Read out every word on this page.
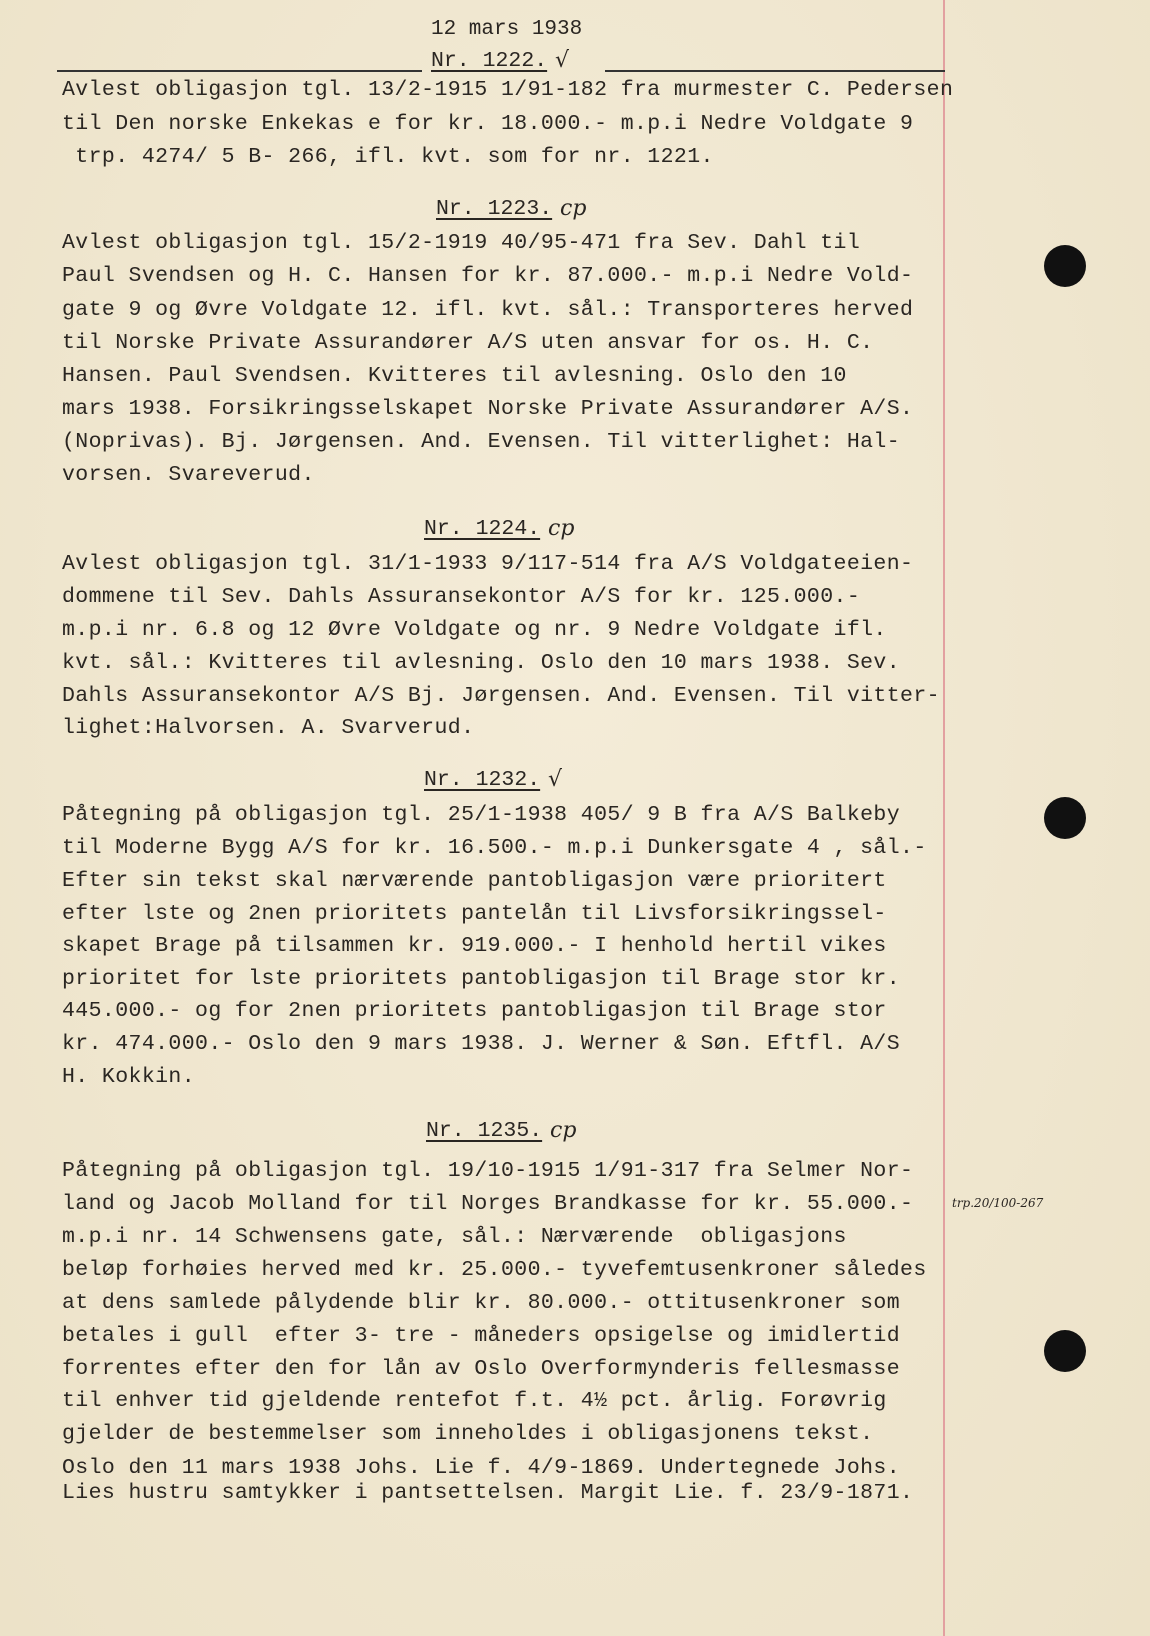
12 mars 1938
Nr. 1222. √
Avlest obligasjon tgl. 13/2-1915 1/91-182 fra murmester C. Pedersen
til Den norske Enkekas e for kr. 18.000.- m.p.i Nedre Voldgate 9
trp. 4274/ 5 B- 266, ifl. kvt. som for nr. 1221.
Nr. 1223. cp
Avlest obligasjon tgl. 15/2-1919 40/95-471 fra Sev. Dahl til
Paul Svendsen og H. C. Hansen for kr. 87.000.- m.p.i Nedre Vold-
gate 9 og Øvre Voldgate 12. ifl. kvt. sål.: Transporteres herved
til Norske Private Assurandører A/S uten ansvar for os. H. C.
Hansen. Paul Svendsen. Kvitteres til avlesning. Oslo den 10
mars 1938. Forsikringsselskapet Norske Private Assurandører A/S.
(Noprivas). Bj. Jørgensen. And. Evensen. Til vitterlighet: Hal-
vorsen. Svareverud.
Nr. 1224. cp
Avlest obligasjon tgl. 31/1-1933 9/117-514 fra A/S Voldgateeien-
dommene til Sev. Dahls Assuransekontor A/S for kr. 125.000.-
m.p.i nr. 6.8 og 12 Øvre Voldgate og nr. 9 Nedre Voldgate ifl.
kvt. sål.: Kvitteres til avlesning. Oslo den 10 mars 1938. Sev.
Dahls Assuransekontor A/S Bj. Jørgensen. And. Evensen. Til vitter-
lighet:Halvorsen. A. Svarverud.
Nr. 1232. √
Påtegning på obligasjon tgl. 25/1-1938 405/ 9 B fra A/S Balkeby
til Moderne Bygg A/S for kr. 16.500.- m.p.i Dunkersgate 4 , sål.-
Efter sin tekst skal nærværende pantobligasjon være prioritert
efter lste og 2nen prioritets pantelån til Livsforsikringssel-
skapet Brage på tilsammen kr. 919.000.- I henhold hertil vikes
prioritet for lste prioritets pantobligasjon til Brage stor kr.
445.000.- og for 2nen prioritets pantobligasjon til Brage stor
kr. 474.000.- Oslo den 9 mars 1938. J. Werner & Søn. Eftfl. A/S
H. Kokkin.
Nr. 1235. cp
trp.20/100-267
Påtegning på obligasjon tgl. 19/10-1915 1/91-317 fra Selmer Nor-
land og Jacob Molland for til Norges Brandkasse for kr. 55.000.-
m.p.i nr. 14 Schwensens gate, sål.: Nærværende  obligasjons
beløp forhøies herved med kr. 25.000.- tyvefemtusenkroner således
at dens samlede pålydende blir kr. 80.000.- ottitusenkroner som
betales i gull  efter 3- tre - måneders opsigelse og imidlertid
forrentes efter den for lån av Oslo Overformynderis fellesmasse
til enhver tid gjeldende rentefot f.t. 4½ pct. årlig. Forøvrig
gjelder de bestemmelser som inneholdes i obligasjonens tekst.
Oslo den 11 mars 1938 Johs. Lie f. 4/9-1869. Undertegnede Johs.
Lies hustru samtykker i pantsettelsen. Margit Lie. f. 23/9-1871.
